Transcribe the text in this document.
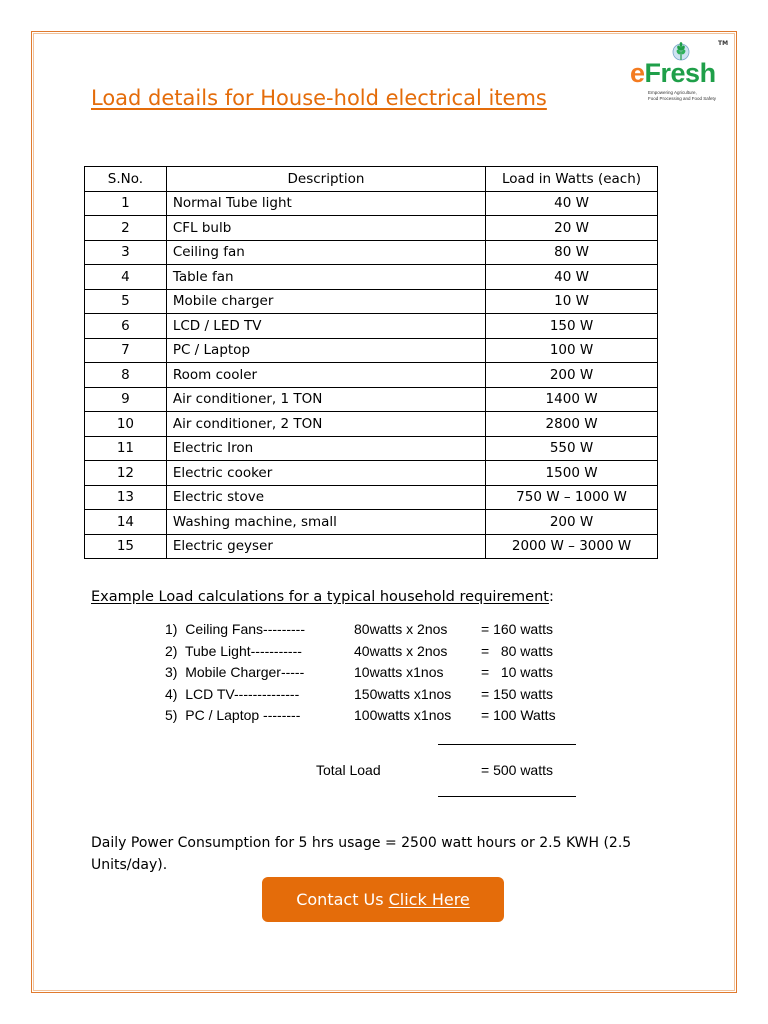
TM
eFresh
Empowering Agriculture,
Food Processing and Food Safety
Load details for House-hold electrical items
S.No.	Description	Load in Watts (each)
1	Normal Tube light	40 W
2	CFL bulb	20 W
3	Ceiling fan	80 W
4	Table fan	40 W
5	Mobile charger	10 W
6	LCD / LED TV	150 W
7	PC / Laptop	100 W
8	Room cooler	200 W
9	Air conditioner, 1 TON	1400 W
10	Air conditioner, 2 TON	2800 W
11	Electric Iron	550 W
12	Electric cooker	1500 W
13	Electric stove	750 W – 1000 W
14	Washing machine, small	200 W
15	Electric geyser	2000 W – 3000 W
Example Load calculations for a typical household requirement:
1)  Ceiling Fans---------	80watts x 2nos = 160 watts
2)  Tube Light-----------	40watts x 2nos =   80 watts
3)  Mobile Charger-----	10watts x1nos	=   10 watts
4)  LCD TV--------------	150watts x1nos = 150 watts
5)  PC / Laptop --------	100watts x1nos = 100 Watts
Total Load	= 500 watts
Daily Power Consumption for 5 hrs usage = 2500 watt hours or 2.5 KWH (2.5 Units/day).
Contact Us Click Here
